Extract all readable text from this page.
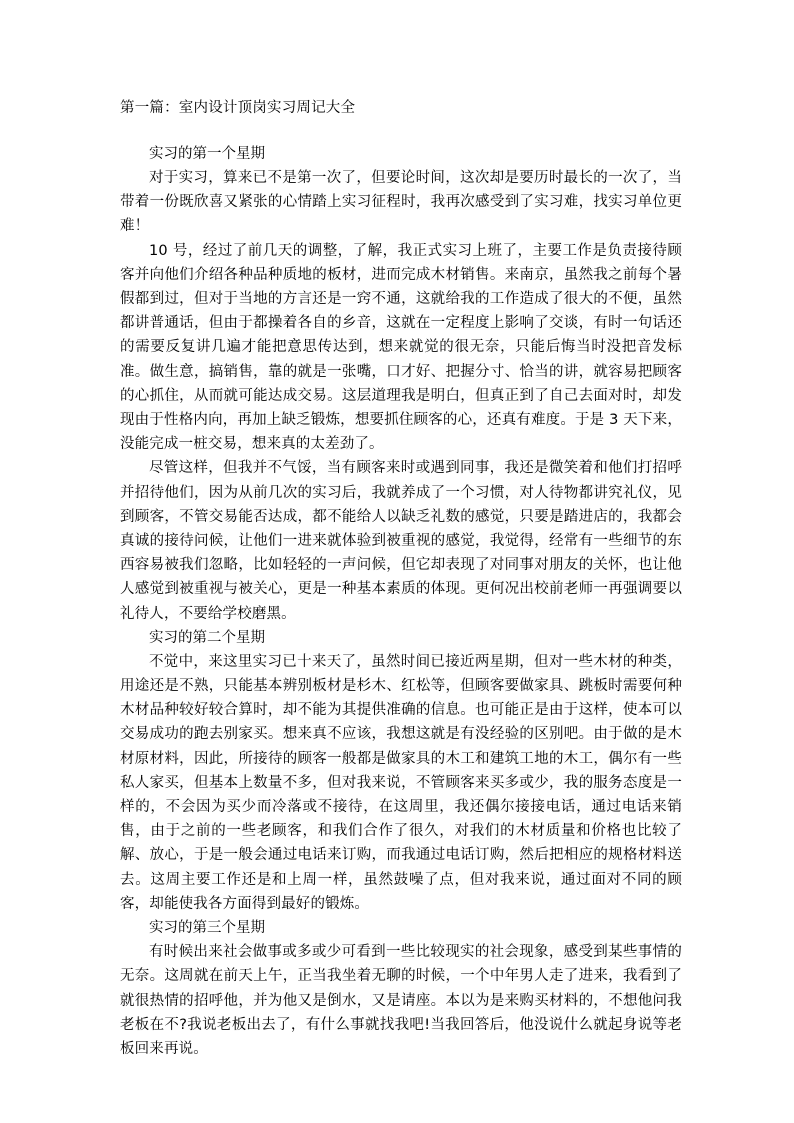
第一篇：室内设计顶岗实习周记大全
实习的第一个星期

对于实习，算来已不是第一次了，但要论时间，这次却是要历时最长的一次了，当带着一份既欣喜又紧张的心情踏上实习征程时，我再次感受到了实习难，找实习单位更难！

10 号，经过了前几天的调整，了解，我正式实习上班了，主要工作是负责接待顾客并向他们介绍各种品种质地的板材，进而完成木材销售。来南京，虽然我之前每个暑假都到过，但对于当地的方言还是一窍不通，这就给我的工作造成了很大的不便，虽然都讲普通话，但由于都操着各自的乡音，这就在一定程度上影响了交谈，有时一句话还的需要反复讲几遍才能把意思传达到，想来就觉的很无奈，只能后悔当时没把音发标准。做生意，搞销售，靠的就是一张嘴，口才好、把握分寸、恰当的讲，就容易把顾客的心抓住，从而就可能达成交易。这层道理我是明白，但真正到了自己去面对时，却发现由于性格内向，再加上缺乏锻炼，想要抓住顾客的心，还真有难度。于是 3 天下来，没能完成一桩交易，想来真的太差劲了。

尽管这样，但我并不气馁，当有顾客来时或遇到同事，我还是微笑着和他们打招呼并招待他们，因为从前几次的实习后，我就养成了一个习惯，对人待物都讲究礼仪，见到顾客，不管交易能否达成，都不能给人以缺乏礼数的感觉，只要是踏进店的，我都会真诚的接待问候，让他们一进来就体验到被重视的感觉，我觉得，经常有一些细节的东西容易被我们忽略，比如轻轻的一声问候，但它却表现了对同事对朋友的关怀，也让他人感觉到被重视与被关心，更是一种基本素质的体现。更何况出校前老师一再强调要以礼待人，不要给学校磨黑。

实习的第二个星期

不觉中，来这里实习已十来天了，虽然时间已接近两星期，但对一些木材的种类，用途还是不熟，只能基本辨别板材是杉木、红松等，但顾客要做家具、跳板时需要何种木材品种较好较合算时，却不能为其提供准确的信息。也可能正是由于这样，使本可以交易成功的跑去别家买。想来真不应该，我想这就是有没经验的区别吧。由于做的是木材原材料，因此，所接待的顾客一般都是做家具的木工和建筑工地的木工，偶尔有一些私人家买，但基本上数量不多，但对我来说，不管顾客来买多或少，我的服务态度是一样的，不会因为买少而冷落或不接待，在这周里，我还偶尔接接电话，通过电话来销售，由于之前的一些老顾客，和我们合作了很久，对我们的木材质量和价格也比较了解、放心，于是一般会通过电话来订购，而我通过电话订购，然后把相应的规格材料送去。这周主要工作还是和上周一样，虽然鼓噪了点，但对我来说，通过面对不同的顾客，却能使我各方面得到最好的锻炼。

实习的第三个星期

有时候出来社会做事或多或少可看到一些比较现实的社会现象，感受到某些事情的无奈。这周就在前天上午，正当我坐着无聊的时候，一个中年男人走了进来，我看到了就很热情的招呼他，并为他又是倒水，又是请座。本以为是来购买材料的，不想他问我老板在不?我说老板出去了，有什么事就找我吧!当我回答后，他没说什么就起身说等老板回来再说。
